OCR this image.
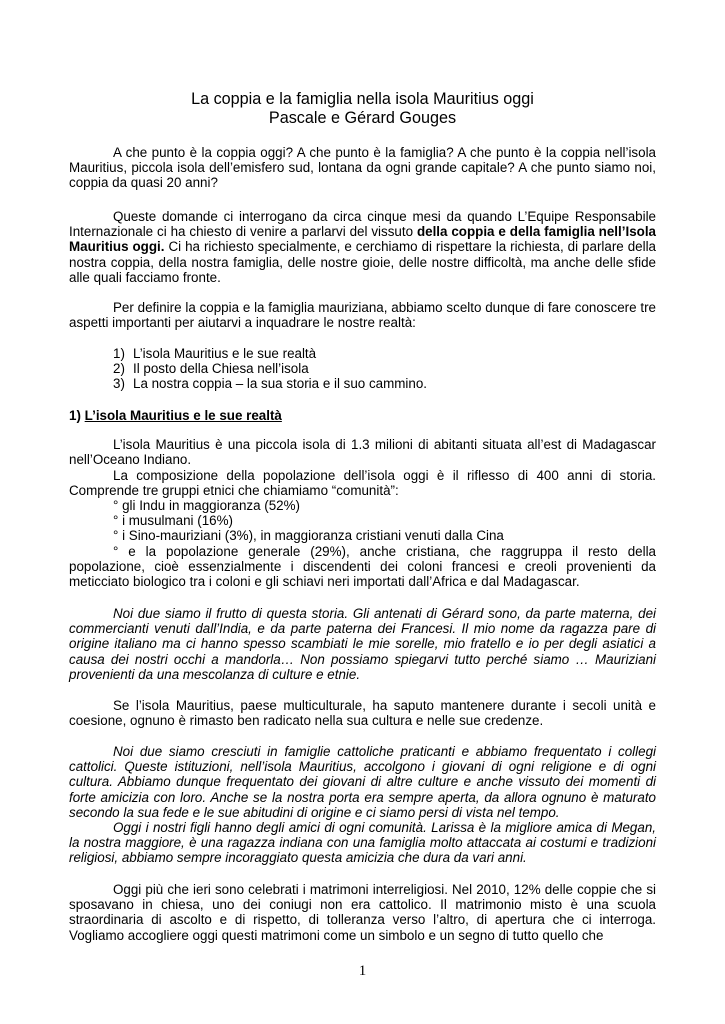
La coppia e la famiglia nella isola Mauritius oggi
Pascale e Gérard Gouges

A che punto è la coppia oggi? A che punto è la famiglia? A che punto è la coppia nell’isola Mauritius, piccola isola dell’emisfero sud, lontana da ogni grande capitale? A che punto siamo noi, coppia da quasi 20 anni?

Queste domande ci interrogano da circa cinque mesi da quando L’Equipe Responsabile Internazionale ci ha chiesto di venire a parlarvi del vissuto della coppia e della famiglia nell’Isola Mauritius oggi. Ci ha richiesto specialmente, e cerchiamo di rispettare la richiesta, di parlare della nostra coppia, della nostra famiglia, delle nostre gioie, delle nostre difficoltà, ma anche delle sfide alle quali facciamo fronte.

Per definire la coppia e la famiglia mauriziana, abbiamo scelto dunque di fare conoscere tre aspetti importanti per aiutarvi a inquadrare le nostre realtà:

1) L’isola Mauritius e le sue realtà
2) Il posto della Chiesa nell’isola
3) La nostra coppia – la sua storia e il suo cammino.
1) L’isola Mauritius e le sue realtà

L’isola Mauritius è una piccola isola di 1.3 milioni di abitanti situata all’est di Madagascar nell’Oceano Indiano.

La composizione della popolazione dell’isola oggi è il riflesso di 400 anni di storia. Comprende tre gruppi etnici che chiamiamo “comunità”:

° gli Indu in maggioranza (52%)
° i musulmani (16%)
° i Sino-mauriziani (3%), in maggioranza cristiani venuti dalla Cina
° e la popolazione generale (29%), anche cristiana, che raggruppa il resto della popolazione, cioè essenzialmente i discendenti dei coloni francesi e creoli provenienti da meticciato biologico tra i coloni e gli schiavi neri importati dall’Africa e dal Madagascar.

Noi due siamo il frutto di questa storia. Gli antenati di Gérard sono, da parte materna, dei commercianti venuti dall’India, e da parte paterna dei Francesi. Il mio nome da ragazza pare di origine italiano ma ci hanno spesso scambiati le mie sorelle, mio fratello e io per degli asiatici a causa dei nostri occhi a mandorla… Non possiamo spiegarvi tutto perché siamo … Mauriziani provenienti da una mescolanza di culture e etnie.

Se l’isola Mauritius, paese multiculturale, ha saputo mantenere durante i secoli unità e coesione, ognuno è rimasto ben radicato nella sua cultura e nelle sue credenze.

Noi due siamo cresciuti in famiglie cattoliche praticanti e abbiamo frequentato i collegi cattolici. Queste istituzioni, nell’isola Mauritius, accolgono i giovani di ogni religione e di ogni cultura. Abbiamo dunque frequentato dei giovani di altre culture e anche vissuto dei momenti di forte amicizia con loro. Anche se la nostra porta era sempre aperta, da allora ognuno è maturato secondo la sua fede e le sue abitudini di origine e ci siamo persi di vista nel tempo.

Oggi i nostri figli hanno degli amici di ogni comunità. Larissa è la migliore amica di Megan, la nostra maggiore, è una ragazza indiana con una famiglia molto attaccata ai costumi e tradizioni religiosi, abbiamo sempre incoraggiato questa amicizia che dura da vari anni.

Oggi più che ieri sono celebrati i matrimoni interreligiosi. Nel 2010, 12% delle coppie che si sposavano in chiesa, uno dei coniugi non era cattolico. Il matrimonio misto è una scuola straordinaria di ascolto e di rispetto, di tolleranza verso l’altro, di apertura che ci interroga. Vogliamo accogliere oggi questi matrimoni come un simbolo e un segno di tutto quello che

1
